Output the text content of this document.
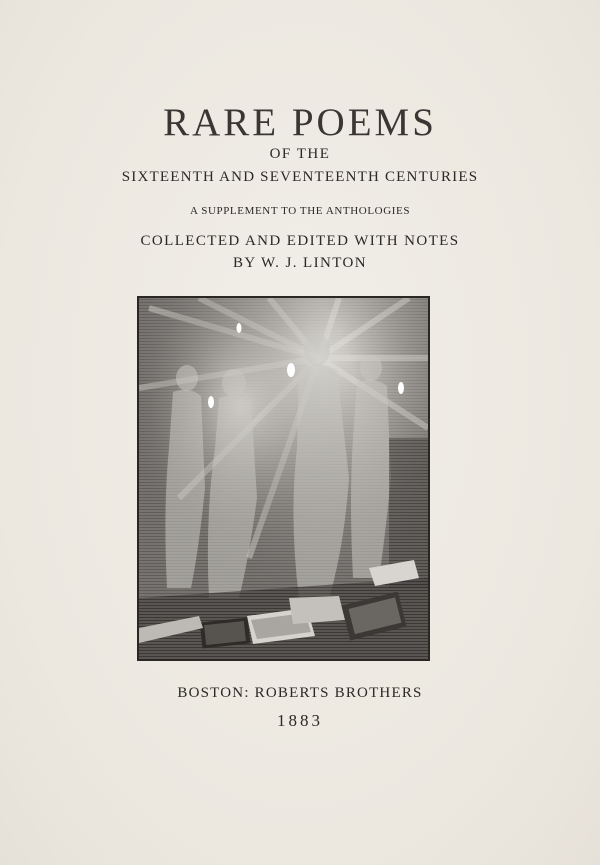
RARE POEMS
OF THE
SIXTEENTH AND SEVENTEENTH CENTURIES
A SUPPLEMENT TO THE ANTHOLOGIES
COLLECTED AND EDITED WITH NOTES
BY W. J. LINTON
BOSTON: ROBERTS BROTHERS
1883
